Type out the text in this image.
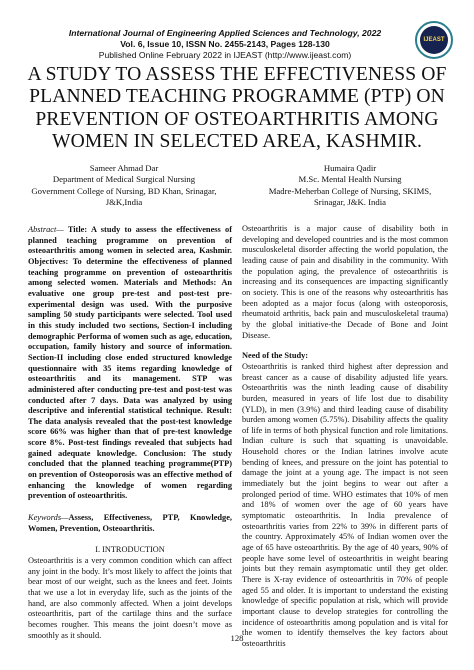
International Journal of Engineering Applied Sciences and Technology, 2022
Vol. 6, Issue 10, ISSN No. 2455-2143, Pages 128-130
Published Online February 2022 in IJEAST (http://www.ijeast.com)
IJEAST
A STUDY TO ASSESS THE EFFECTIVENESS OF PLANNED TEACHING PROGRAMME (PTP) ON PREVENTION OF OSTEOARTHRITIS AMONG WOMEN IN SELECTED AREA, KASHMIR.
Sameer Ahmad Dar
Department of Medical Surgical Nursing
Government College of Nursing, BD Khan, Srinagar,
J&K,India
Humaira Qadir
M.Sc. Mental Health Nursing
Madre-Meherban College of Nursing, SKIMS,
Srinagar, J&K. India
Abstract— Title: A study to assess the effectiveness of planned teaching programme on prevention of osteoarthritis among women in selected area, Kashmir. Objectives: To determine the effectiveness of planned teaching programme on prevention of osteoarthritis among selected women. Materials and Methods: An evaluative one group pre-test and post-test pre-experimental design was used. With the purposive sampling 50 study participants were selected. Tool used in this study included two sections, Section-I including demographic Performa of women such as age, education, occupation, family history and source of information. Section-II including close ended structured knowledge questionnaire with 35 items regarding knowledge of osteoarthritis and its management. STP was administered after conducting pre-test and post-test was conducted after 7 days. Data was analyzed by using descriptive and inferential statistical technique. Result: The data analysis revealed that the post-test knowledge score 66% was higher than that of pre-test knowledge score 8%. Post-test findings revealed that subjects had gained adequate knowledge. Conclusion: The study concluded that the planned teaching programme(PTP) on prevention of Osteoporosis was an effective method of enhancing the knowledge of women regarding prevention of osteoarthritis.
Keywords—Assess, Effectiveness, PTP, Knowledge, Women, Prevention, Osteoarthritis.
I. INTRODUCTION
Osteoarthritis is a very common condition which can affect any joint in the body. It’s most likely to affect the joints that bear most of our weight, such as the knees and feet. Joints that we use a lot in everyday life, such as the joints of the hand, are also commonly affected. When a joint develops osteoarthritis, part of the cartilage thins and the surface becomes rougher. This means the joint doesn’t move as smoothly as it should.
Osteoarthritis is a major cause of disability both in developing and developed countries and is the most common musculoskeletal disorder affecting the world population, the leading cause of pain and disability in the community. With the population aging, the prevalence of osteoarthritis is increasing and its consequences are impacting significantly on society. This is one of the reasons why osteoarthritis has been adopted as a major focus (along with osteoporosis, rheumatoid arthritis, back pain and musculoskeletal trauma) by the global initiative-the Decade of Bone and Joint Disease.
Need of the Study:
Osteoarthritis is ranked third highest after depression and breast cancer as a cause of disability adjusted life years. Osteoarthritis was the ninth leading cause of disability burden, measured in years of life lost due to disability (YLD), in men (3.9%) and third leading cause of disability burden among women (5.75%). Disability affects the quality of life in terms of both physical function and role limitations. Indian culture is such that squatting is unavoidable. Household chores or the Indian latrines involve acute bending of knees, and pressure on the joint has potential to damage the joint at a young age. The impact is not seen immediately but the joint begins to wear out after a prolonged period of time. WHO estimates that 10% of men and 18% of women over the age of 60 years have symptomatic osteoarthritis. In India prevalence of osteoarthritis varies from 22% to 39% in different parts of the country. Approximately 45% of Indian women over the age of 65 have osteoarthritis. By the age of 40 years, 90% of people have some level of osteoarthritis in weight bearing joints but they remain asymptomatic until they get older. There is X-ray evidence of osteoarthritis in 70% of people aged 55 and older. It is important to understand the existing knowledge of specific population at risk, which will provide important clause to develop strategies for controlling the incidence of osteoarthritis among population and is vital for the women to identify themselves the key factors about osteoarthritis
128
